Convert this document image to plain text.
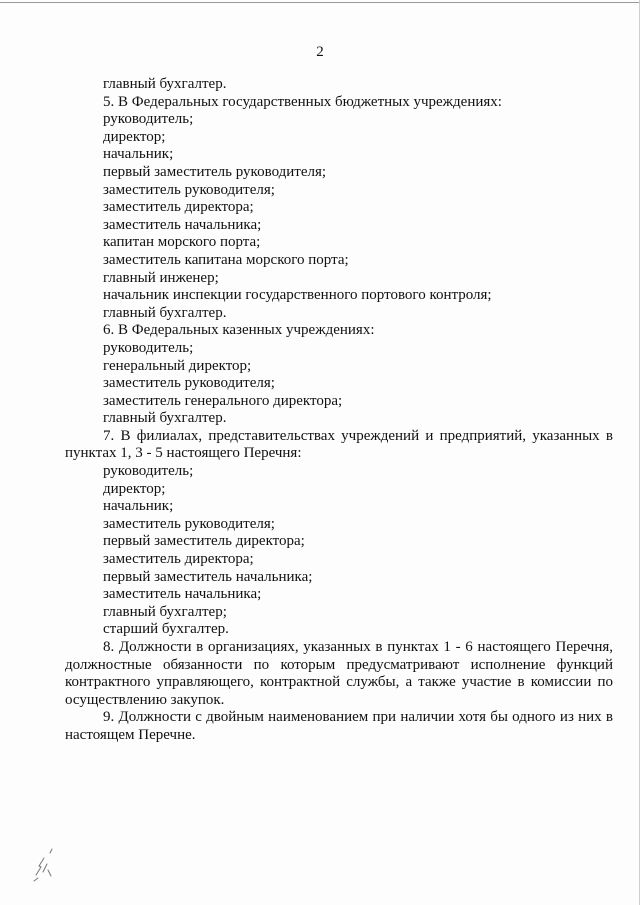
2
главный бухгалтер.
5. В Федеральных государственных бюджетных учреждениях:
руководитель;
директор;
начальник;
первый заместитель руководителя;
заместитель руководителя;
заместитель директора;
заместитель начальника;
капитан морского порта;
заместитель капитана морского порта;
главный инженер;
начальник инспекции государственного портового контроля;
главный бухгалтер.
6. В Федеральных казенных учреждениях:
руководитель;
генеральный директор;
заместитель руководителя;
заместитель генерального директора;
главный бухгалтер.
7. В филиалах, представительствах учреждений и предприятий, указанных в пунктах 1, 3 - 5 настоящего Перечня:
руководитель;
директор;
начальник;
заместитель руководителя;
первый заместитель директора;
заместитель директора;
первый заместитель начальника;
заместитель начальника;
главный бухгалтер;
старший бухгалтер.
8. Должности в организациях, указанных в пунктах 1 - 6 настоящего Перечня, должностные обязанности по которым предусматривают исполнение функций контрактного управляющего, контрактной службы, а также участие в комиссии по осуществлению закупок.
9. Должности с двойным наименованием при наличии хотя бы одного из них в настоящем Перечне.
